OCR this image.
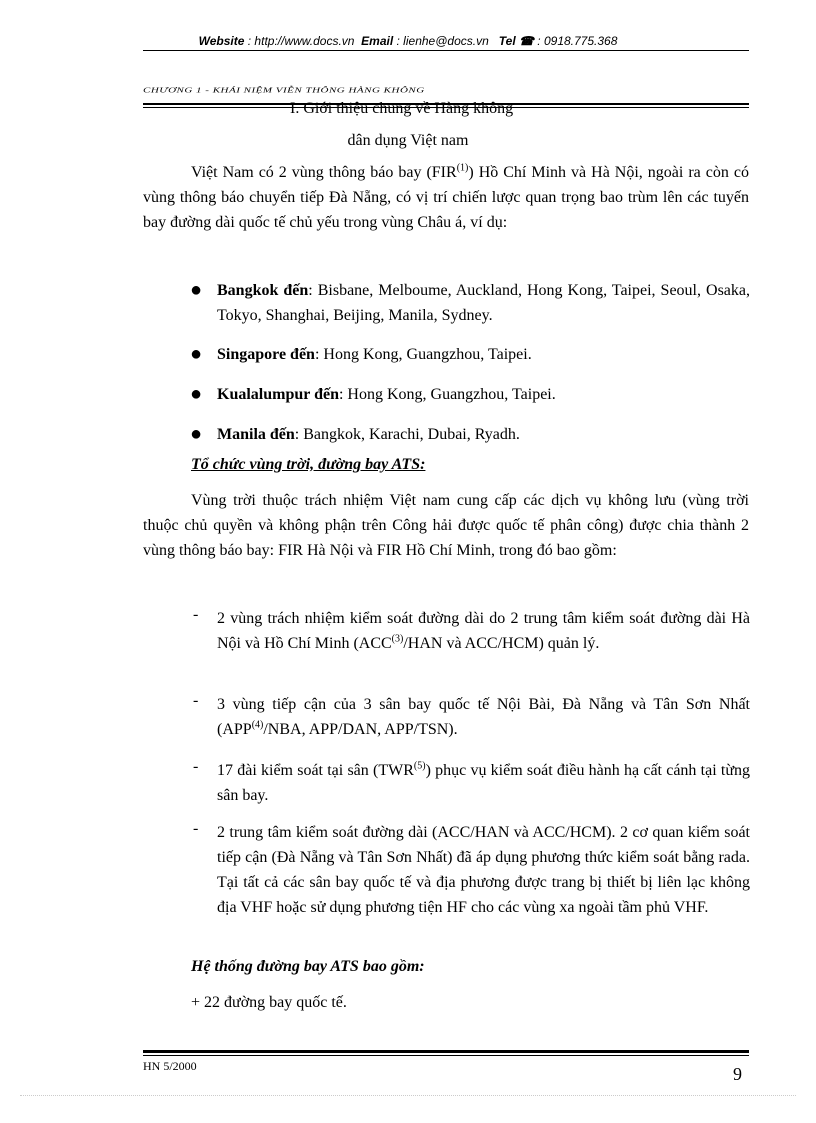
Website : http://www.docs.vn Email : lienhe@docs.vn Tel ☎ : 0918.775.368
CHƯƠNG 1 - KHÁI NIỆM VIỄN THÔNG HÀNG KHÔNG
I. Giới thiệu chung về Hàng không
dân dụng Việt nam

Việt Nam có 2 vùng thông báo bay (FIR$^{(1)}$) Hồ Chí Minh và Hà Nội, ngoài ra còn có vùng thông báo chuyển tiếp Đà Nẵng, có vị trí chiến lược quan trọng bao trùm lên các tuyến bay đường dài quốc tế chủ yếu trong vùng Châu á, ví dụ:

● Bangkok đến: Bisbane, Melboume, Auckland, Hong Kong, Taipei, Seoul, Osaka, Tokyo, Shanghai, Beijing, Manila, Sydney.
● Singapore đến: Hong Kong, Guangzhou, Taipei.
● Kualalumpur đến: Hong Kong, Guangzhou, Taipei.
● Manila đến: Bangkok, Karachi, Dubai, Ryadh.
Tổ chức vùng trời, đường bay ATS:

Vùng trời thuộc trách nhiệm Việt nam cung cấp các dịch vụ không lưu (vùng trời thuộc chủ quyền và không phận trên Công hải được quốc tế phân công) được chia thành 2 vùng thông báo bay: FIR Hà Nội và FIR Hồ Chí Minh, trong đó bao gồm:

- 2 vùng trách nhiệm kiểm soát đường dài do 2 trung tâm kiểm soát đường dài Hà Nội và Hồ Chí Minh (ACC$^{(3)}$/HAN và ACC/HCM) quản lý.
- 3 vùng tiếp cận của 3 sân bay quốc tế Nội Bài, Đà Nẵng và Tân Sơn Nhất (APP$^{(4)}$/NBA, APP/DAN, APP/TSN).
- 17 đài kiểm soát tại sân (TWR$^{(5)}$) phục vụ kiểm soát điều hành hạ cất cánh tại từng sân bay.
- 2 trung tâm kiểm soát đường dài (ACC/HAN và ACC/HCM). 2 cơ quan kiểm soát tiếp cận (Đà Nẵng và Tân Sơn Nhất) đã áp dụng phương thức kiểm soát bằng rada. Tại tất cả các sân bay quốc tế và địa phương được trang bị thiết bị liên lạc không địa VHF hoặc sử dụng phương tiện HF cho các vùng xa ngoài tầm phủ VHF.
Hệ thống đường bay ATS bao gồm:
+ 22 đường bay quốc tế.
HN 5/2000	9
